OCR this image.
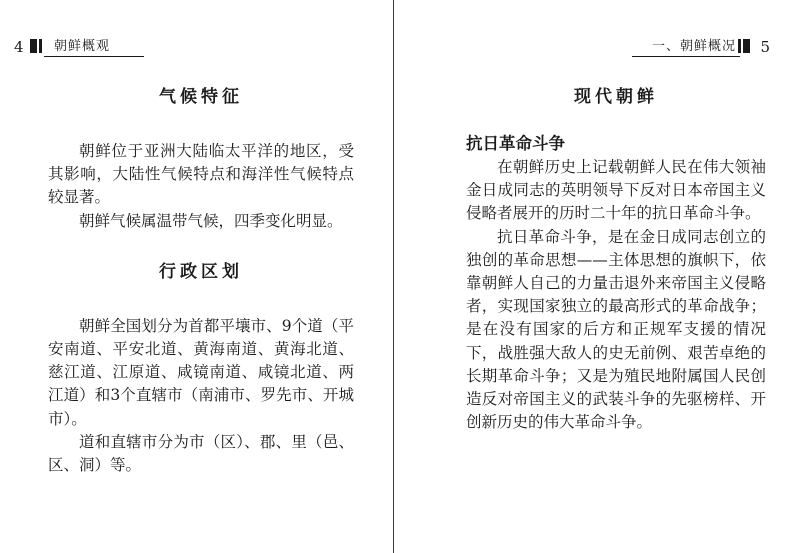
4 朝鲜概观
气候特征

朝鲜位于亚洲大陆临太平洋的地区，受其影响，大陆性气候特点和海洋性气候特点较显著。

朝鲜气候属温带气候，四季变化明显。

行政区划

朝鲜全国划分为首都平壤市、9个道（平安南道、平安北道、黄海南道、黄海北道、慈江道、江原道、咸镜南道、咸镜北道、两江道）和3个直辖市（南浦市、罗先市、开城市）。

道和直辖市分为市（区）、郡、里（邑、区、洞）等。

一、朝鲜概况 5
现代朝鲜
抗日革命斗争

在朝鲜历史上记载朝鲜人民在伟大领袖金日成同志的英明领导下反对日本帝国主义侵略者展开的历时二十年的抗日革命斗争。

抗日革命斗争，是在金日成同志创立的独创的革命思想——主体思想的旗帜下，依靠朝鲜人自己的力量击退外来帝国主义侵略者，实现国家独立的最高形式的革命战争；是在没有国家的后方和正规军支援的情况下，战胜强大敌人的史无前例、艰苦卓绝的长期革命斗争；又是为殖民地附属国人民创造反对帝国主义的武装斗争的先驱榜样、开创新历史的伟大革命斗争。
